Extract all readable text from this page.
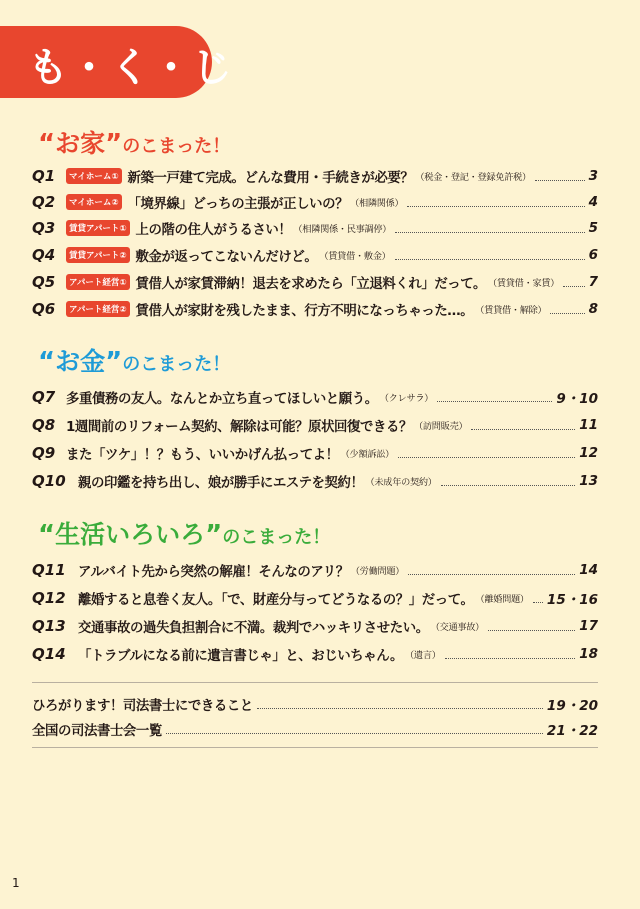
も・く・じ
“お家”のこまった！
Q1	マイホーム① 新築一戸建て完成。どんな費用・手続きが必要？ （税金・登記・登録免許税）	3
Q2	マイホーム② 「境界線」どっちの主張が正しいの？ （相隣関係）	4
Q3	賃貸アパート① 上の階の住人がうるさい！ （相隣関係・民事調停）	5
Q4	賃貸アパート② 敷金が返ってこないんだけど。 （賃貸借・敷金）	6
Q5	アパート経営① 賃借人が家賃滞納！退去を求めたら「立退料くれ」だって。 （賃貸借・家賃） 7
Q6	アパート経営② 賃借人が家財を残したまま、行方不明になっちゃった…。 （賃貸借・解除）	8
“お金”のこまった！
Q7 多重債務の友人。なんとか立ち直ってほしいと願う。 （クレサラ）	9・10
Q8 1週間前のリフォーム契約、解除は可能？原状回復できる？ （訪問販売）	11
Q9 また「ツケ」！？もう、いいかげん払ってよ！ （少額訴訟）	12
Q10 親の印鑑を持ち出し、娘が勝手にエステを契約！ （未成年の契約）	13
“生活いろいろ”のこまった！
Q11 アルバイト先から突然の解雇！そんなのアリ？ （労働問題）	14
Q12 離婚すると息巻く友人。「で、財産分与ってどうなるの？」だって。 （離婚問題） 15・16
Q13 交通事故の過失負担割合に不満。裁判でハッキリさせたい。 （交通事故）	17
Q14 「トラブルになる前に遺言書じゃ」と、おじいちゃん。 （遺言）	18
ひろがります！司法書士にできること	19・20
全国の司法書士会一覧	21・22
1
